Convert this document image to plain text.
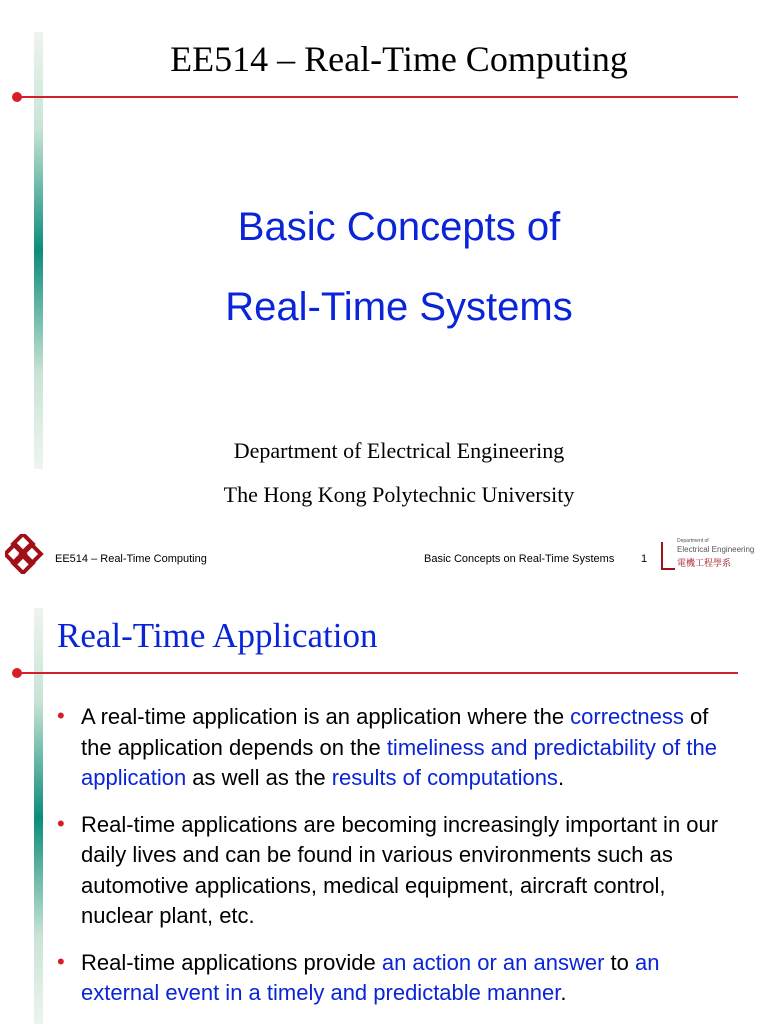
EE514 – Real-Time Computing
Basic Concepts of
Real-Time Systems
Department of Electrical Engineering
The Hong Kong Polytechnic University
EE514 – Real-Time Computing	Basic Concepts on Real-Time Systems 1
Department of
Electrical Engineering
電機工程學系
Real-Time Application
• A real-time application is an application where the correctness of the application depends on the timeliness and predictability of the application as well as the results of computations.
• Real-time applications are becoming increasingly important in our daily lives and can be found in various environments such as automotive applications, medical equipment, aircraft control, nuclear plant, etc.
• Real-time applications provide an action or an answer to an external event in a timely and predictable manner.
